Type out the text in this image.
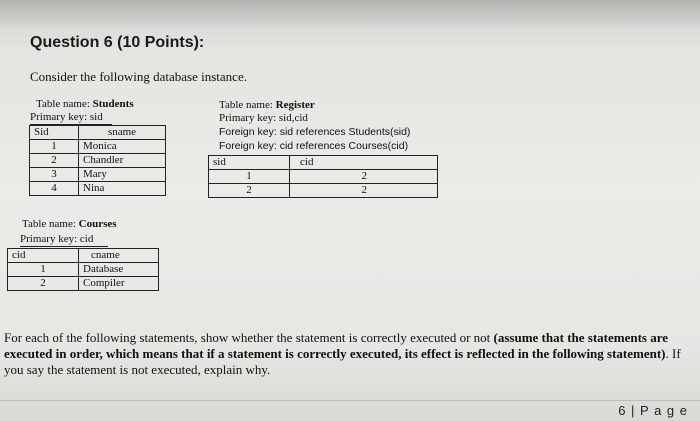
Question 6 (10 Points):
Consider the following database instance.
Table name: Students
Primary key: sid
Sid	sname
1	Monica
2	Chandler
3	Mary
4	Nina
Table name: Register
Primary key: sid,cid
Foreign key: sid references Students(sid)
Foreign key: cid references Courses(cid)
sid	cid
1	2
2	2
Table name: Courses
Primary key: cid
cid	cname
1	Database
2	Compiler
For each of the following statements, show whether the statement is correctly executed or not (assume that the statements are executed in order, which means that if a statement is correctly executed, its effect is reflected in the following statement). If you say the statement is not executed, explain why.
6 | P a g e
